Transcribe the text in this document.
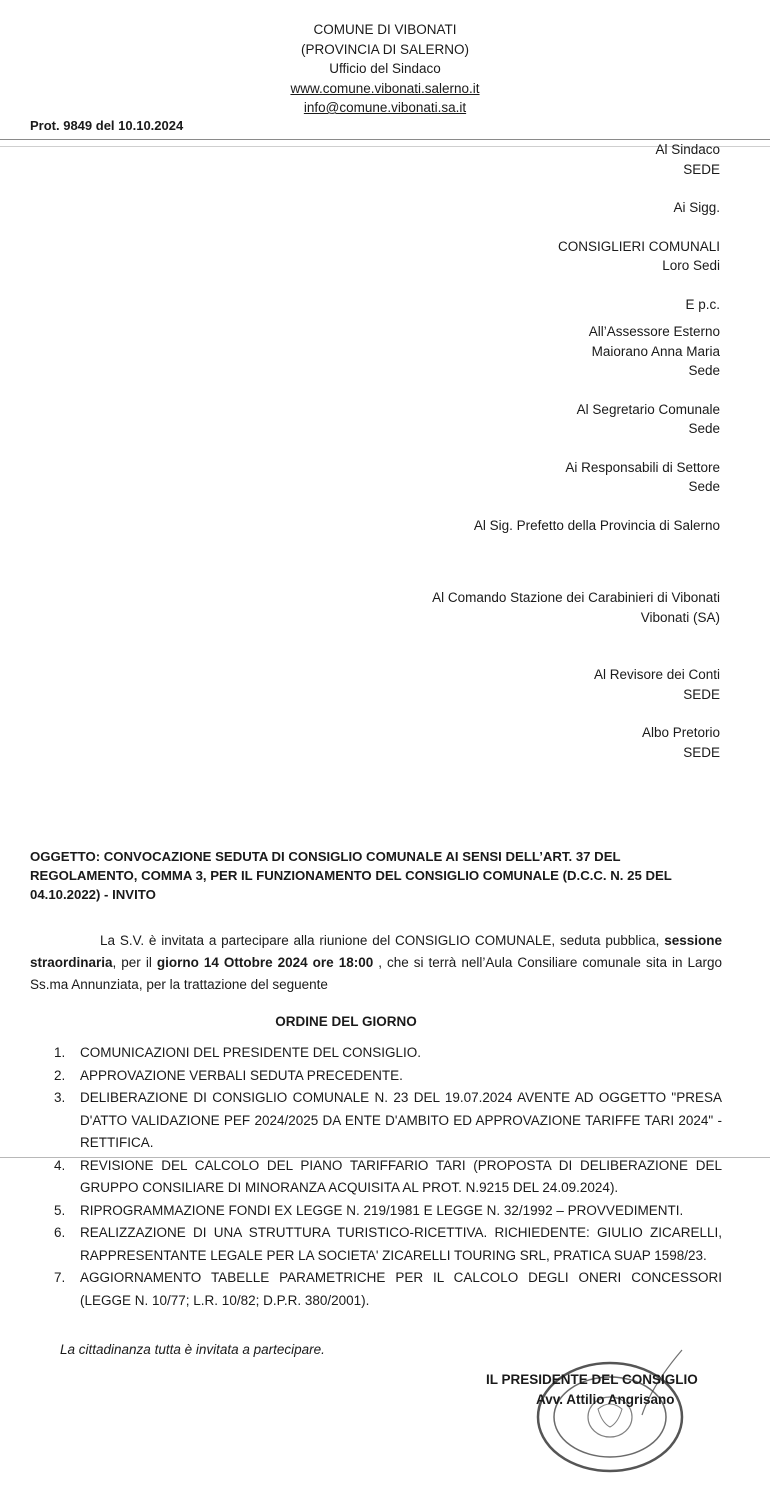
COMUNE DI VIBONATI
(PROVINCIA DI SALERNO)
Ufficio del Sindaco
www.comune.vibonati.salerno.it
info@comune.vibonati.sa.it
Prot. 9849 del 10.10.2024
Al Sindaco
SEDE
Ai Sigg.
CONSIGLIERI COMUNALI
Loro Sedi
E p.c.
All’Assessore Esterno
Maiorano Anna Maria
Sede
Al Segretario Comunale
Sede
Ai Responsabili di Settore
Sede
Al Sig. Prefetto della Provincia di Salerno
Al Comando Stazione dei Carabinieri di Vibonati
Vibonati (SA)
Al Revisore dei Conti
SEDE
Albo Pretorio
SEDE
OGGETTO: CONVOCAZIONE SEDUTA DI CONSIGLIO COMUNALE AI SENSI DELL’ART. 37 DEL REGOLAMENTO, COMMA 3, PER IL FUNZIONAMENTO DEL CONSIGLIO COMUNALE (D.C.C. N. 25 DEL 04.10.2022) - INVITO
La S.V. è invitata a partecipare alla riunione del CONSIGLIO COMUNALE, seduta pubblica, sessione straordinaria, per il giorno 14 Ottobre 2024 ore 18:00 , che si terrà nell’Aula Consiliare comunale sita in Largo Ss.ma Annunziata, per la trattazione del seguente
ORDINE DEL GIORNO
1. COMUNICAZIONI DEL PRESIDENTE DEL CONSIGLIO.
2. APPROVAZIONE VERBALI SEDUTA PRECEDENTE.
3. DELIBERAZIONE DI CONSIGLIO COMUNALE N. 23 DEL 19.07.2024 AVENTE AD OGGETTO "PRESA D'ATTO VALIDAZIONE PEF 2024/2025 DA ENTE D'AMBITO ED APPROVAZIONE TARIFFE TARI 2024" - RETTIFICA.
4. REVISIONE DEL CALCOLO DEL PIANO TARIFFARIO TARI (PROPOSTA DI DELIBERAZIONE DEL GRUPPO CONSILIARE DI MINORANZA ACQUISITA AL PROT. N.9215 DEL 24.09.2024).
5. RIPROGRAMMAZIONE FONDI EX LEGGE N. 219/1981 E LEGGE N. 32/1992 – PROVVEDIMENTI.
6. REALIZZAZIONE DI UNA STRUTTURA TURISTICO-RICETTIVA. RICHIEDENTE: GIULIO ZICARELLI, RAPPRESENTANTE LEGALE PER LA SOCIETA' ZICARELLI TOURING SRL, PRATICA SUAP 1598/23.
7. AGGIORNAMENTO TABELLE PARAMETRICHE PER IL CALCOLO DEGLI ONERI CONCESSORI (LEGGE N. 10/77; L.R. 10/82; D.P.R. 380/2001).
La cittadinanza tutta è invitata a partecipare.
IL PRESIDENTE DEL CONSIGLIO
Avv. Attilio Angrisano
